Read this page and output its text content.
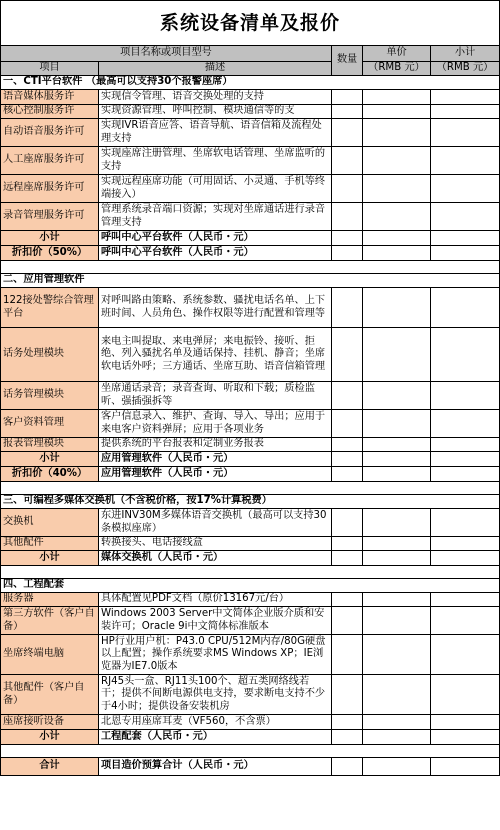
系统设备清单及报价				
项目名称或项目型号		数量	单价	小计
项目	描述		（RMB 元）	（RMB 元）
一、CTI平台软件 （最高可以支持30个报警座席）				
语音媒体服务许	实现信令管理、语音交换处理的支持			
核心控制服务许	实现资源管理、呼叫控制、模块通信等的支			
自动语音服务许可	实现IVR语音应答、语音导航、语音信箱及流程处理支持			
人工座席服务许可	实现座席注册管理、坐席软电话管理、坐席监听的支持			
远程座席服务许可	实现远程座席功能（可用固话、小灵通、手机等终端接入）			
录音管理服务许可	管理系统录音端口资源；实现对坐席通话进行录音管理支持			
小计	呼叫中心平台软件（人民币・元）			
折扣价（50%）	呼叫中心平台软件（人民币・元）			

二、应用管理软件				
122接处警综合管理平台	对呼叫路由策略、系统参数、骚扰电话名单、上下班时间、人员角色、操作权限等进行配置和管理等			
话务处理模块	来电主叫提取、来电弹屏；来电振铃、接听、拒绝、列入骚扰名单及通话保持、挂机、静音；坐席软电话外呼；三方通话、坐席互助、语音信箱管理			
话务管理模块	坐席通话录音；录音查询、听取和下载；质检监听、强插强拆等			
客户资料管理	客户信息录入、维护、查询、导入、导出；应用于来电客户资料弹屏；应用于各项业务			
报表管理模块	提供系统的平台报表和定制业务报表			
小计	应用管理软件（人民币・元）			
折扣价（40%）	应用管理软件（人民币・元）			

三、可编程多媒体交换机（不含税价格，按17%计算税费）				
交换机	东进INV30M多媒体语音交换机（最高可以支持30条模拟座席）			
其他配件	转换接头、电话接线盒			
小计	媒体交换机（人民币・元）			

四、工程配套				
服务器	具体配置见PDF文档（原价13167元/台）			
第三方软件（客户自备）	Windows 2003 Server中文简体企业版介质和安装许可；Oracle 9i中文简体标准版本			
坐席终端电脑	HP行业用户机：P43.0 CPU/512M内存/80G硬盘以上配置；操作系统要求MS Windows XP；IE浏览器为IE7.0版本			
其他配件（客户自备）	RJ45头一盒、RJ11头100个、超五类网络线若干；提供不间断电源供电支持，要求断电支持不少于4小时；提供设备安装机房			
座席接听设备	北恩专用座席耳麦（VF560，不含票）			
小计	工程配套（人民币・元）			

合计	项目造价预算合计（人民币・元）			
